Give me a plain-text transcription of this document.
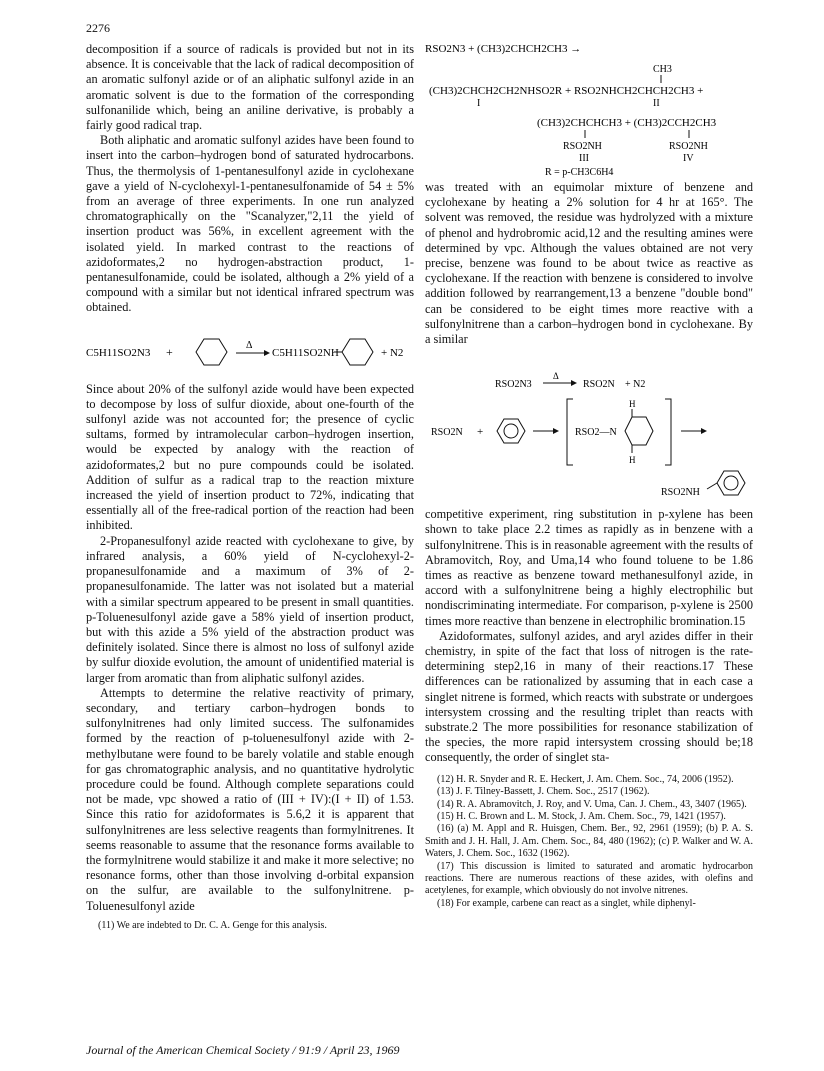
2276

decomposition if a source of radicals is provided but not in its absence. It is conceivable that the lack of radical decomposition of an aromatic sulfonyl azide or of an aliphatic sulfonyl azide in an aromatic solvent is due to the formation of the corresponding sulfonanilide which, being an aniline derivative, is probably a fairly good radical trap.

Both aliphatic and aromatic sulfonyl azides have been found to insert into the carbon–hydrogen bond of saturated hydrocarbons. Thus, the thermolysis of 1-pentanesulfonyl azide in cyclohexane gave a yield of N-cyclohexyl-1-pentanesulfonamide of 54 ± 5% from an average of three experiments. In one run analyzed chromatographically on the "Scanalyzer,"2,11 the yield of insertion product was 56%, in excellent agreement with the isolated yield. In marked contrast to the reactions of azidoformates,2 no hydrogen-abstraction product, 1-pentanesulfonamide, could be isolated, although a 2% yield of a compound with a similar but not identical infrared spectrum was obtained.

C5H11SO2N3 +	Δ
C5H11SO2NH	+ N2

Since about 20% of the sulfonyl azide would have been expected to decompose by loss of sulfur dioxide, about one-fourth of the sulfonyl azide was not accounted for; the presence of cyclic sultams, formed by intramolecular carbon–hydrogen insertion, would be expected by analogy with the reaction of azidoformates,2 but no pure compounds could be isolated. Addition of sulfur as a radical trap to the reaction mixture increased the yield of insertion product to 72%, indicating that essentially all of the free-radical portion of the reaction had been inhibited.

2-Propanesulfonyl azide reacted with cyclohexane to give, by infrared analysis, a 60% yield of N-cyclohexyl-2-propanesulfonamide and a maximum of 3% of 2-propanesulfonamide. The latter was not isolated but a material with a similar spectrum appeared to be present in small quantities. p-Toluenesulfonyl azide gave a 58% yield of insertion product, but with this azide a 5% yield of the abstraction product was definitely isolated. Since there is almost no loss of sulfonyl azide by sulfur dioxide evolution, the amount of unidentified material is larger from aromatic than from aliphatic sulfonyl azides.

Attempts to determine the relative reactivity of primary, secondary, and tertiary carbon–hydrogen bonds to sulfonylnitrenes had only limited success. The sulfonamides formed by the reaction of p-toluenesulfonyl azide with 2-methylbutane were found to be barely volatile and stable enough for gas chromatographic analysis, and no quantitative hydrolytic procedure could be found. Although complete separations could not be made, vpc showed a ratio of (III + IV):(I + II) of 1.53. Since this ratio for azidoformates is 5.6,2 it is apparent that sulfonylnitrenes are less selective reagents than formylnitrenes. It seems reasonable to assume that the resonance forms available to the formylnitrene would stabilize it and make it more selective; no resonance forms, other than those involving d-orbital expansion on the sulfur, are available to the sulfonylnitrene. p-Toluenesulfonyl azide

(11) We are indebted to Dr. C. A. Genge for this analysis.

RSO2N3 + (CH3)2CHCH2CH3 →
CH3
(CH3)2CHCH2CH2NHSO2R + RSO2NHCH2CHCH2CH3 +
I	II
(CH3)2CHCHCH3 + (CH3)2CCH2CH3
RSO2NH	RSO2NH
III	IV
R = p-CH3C6H4

was treated with an equimolar mixture of benzene and cyclohexane by heating a 2% solution for 4 hr at 165°. The solvent was removed, the residue was hydrolyzed with a mixture of phenol and hydrobromic acid,12 and the resulting amines were determined by vpc. Although the values obtained are not very precise, benzene was found to be about twice as reactive as cyclohexane. If the reaction with benzene is considered to involve addition followed by rearrangement,13 a benzene "double bond" can be considered to be eight times more reactive with a sulfonylnitrene than a carbon–hydrogen bond in cyclohexane. By a similar

RSO2N3
Δ
RSO2N + N2
RSO2N +	RSO2—N
H
H
RSO2NH

competitive experiment, ring substitution in p-xylene has been shown to take place 2.2 times as rapidly as in benzene with a sulfonylnitrene. This is in reasonable agreement with the results of Abramovitch, Roy, and Uma,14 who found toluene to be 1.86 times as reactive as benzene toward methanesulfonyl azide, in accord with a sulfonylnitrene being a highly electrophilic but nondiscriminating intermediate. For comparison, p-xylene is 2500 times more reactive than benzene in electrophilic bromination.15

Azidoformates, sulfonyl azides, and aryl azides differ in their chemistry, in spite of the fact that loss of nitrogen is the rate-determining step2,16 in many of their reactions.17 These differences can be rationalized by assuming that in each case a singlet nitrene is formed, which reacts with substrate or undergoes intersystem crossing and the resulting triplet than reacts with substrate.2 The more possibilities for resonance stabilization of the species, the more rapid intersystem crossing should be;18 consequently, the order of singlet sta-

(12) H. R. Snyder and R. E. Heckert, J. Am. Chem. Soc., 74, 2006 (1952).

(13) J. F. Tilney-Bassett, J. Chem. Soc., 2517 (1962).

(14) R. A. Abramovitch, J. Roy, and V. Uma, Can. J. Chem., 43, 3407 (1965).

(15) H. C. Brown and L. M. Stock, J. Am. Chem. Soc., 79, 1421 (1957).

(16) (a) M. Appl and R. Huisgen, Chem. Ber., 92, 2961 (1959); (b) P. A. S. Smith and J. H. Hall, J. Am. Chem. Soc., 84, 480 (1962); (c) P. Walker and W. A. Waters, J. Chem. Soc., 1632 (1962).

(17) This discussion is limited to saturated and aromatic hydrocarbon reactions. There are numerous reactions of these azides, with olefins and acetylenes, for example, which obviously do not involve nitrenes.

(18) For example, carbene can react as a singlet, while diphenyl-

Journal of the American Chemical Society / 91:9 / April 23, 1969
